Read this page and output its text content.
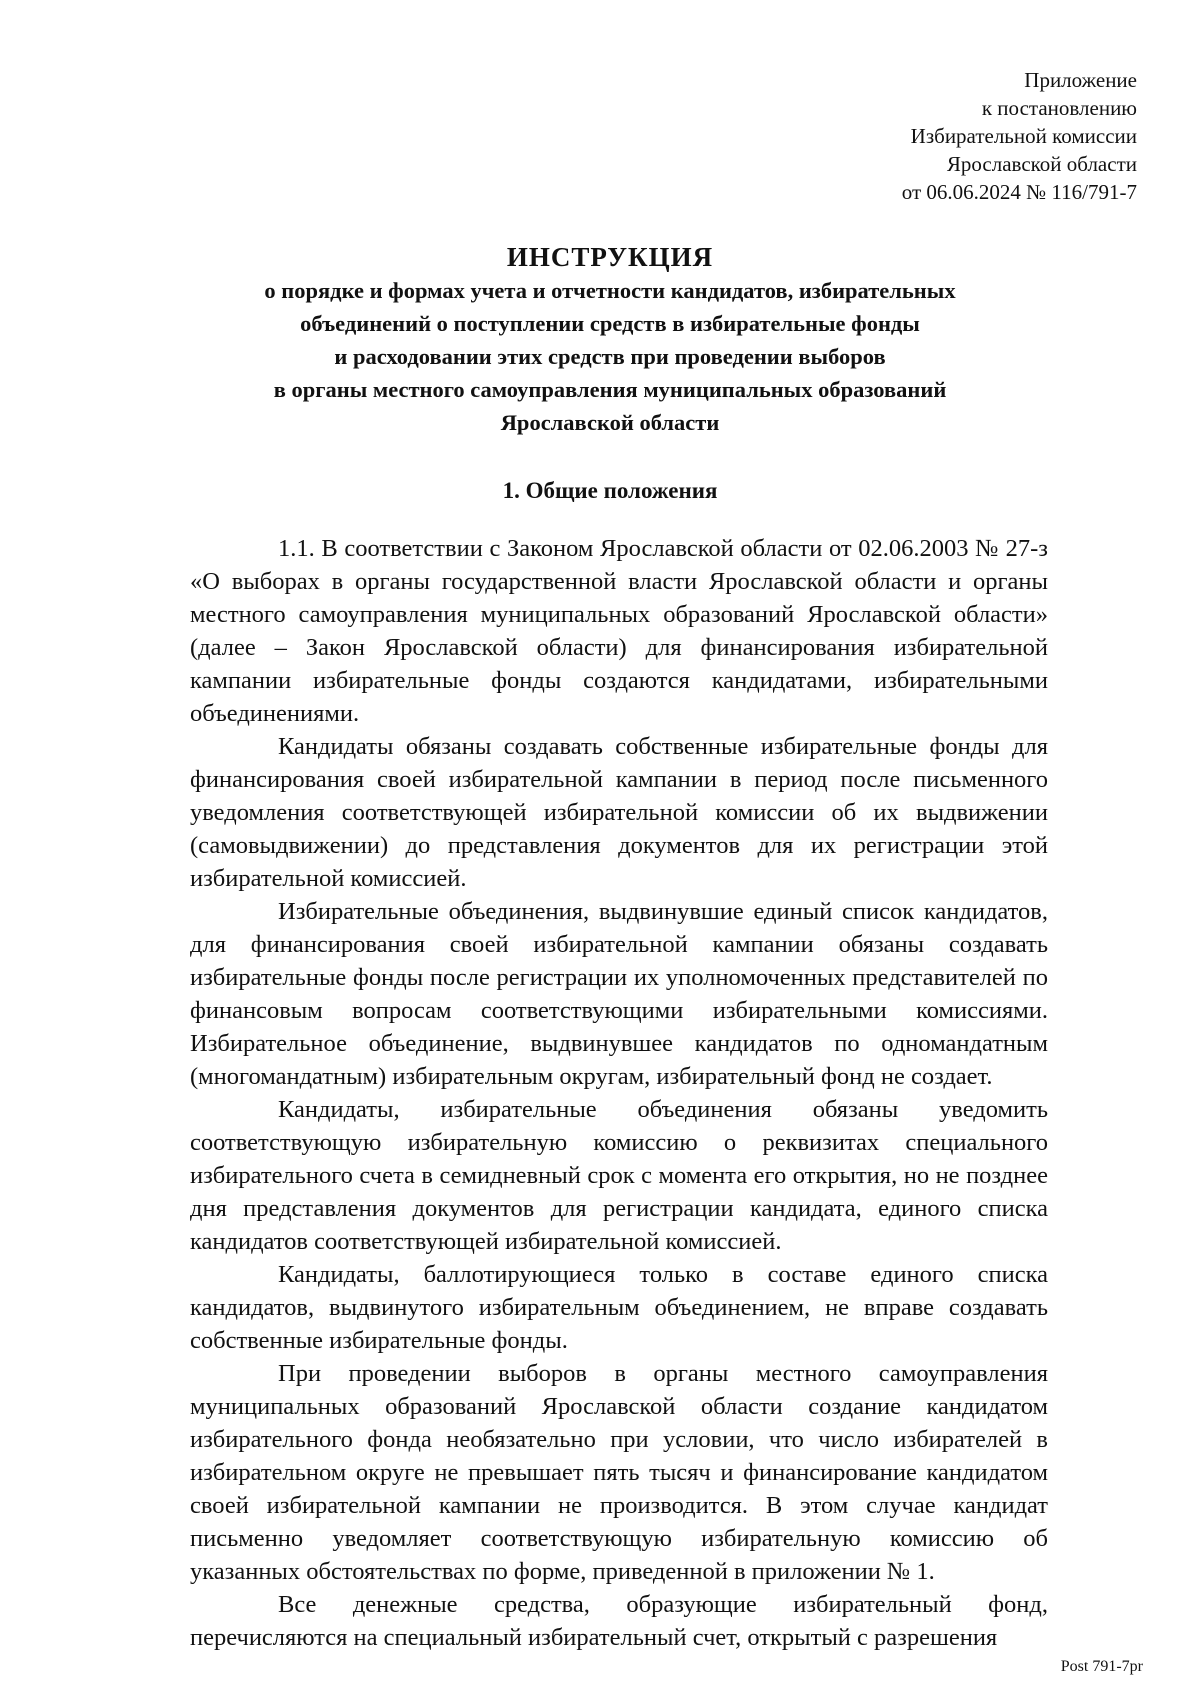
Приложение
к постановлению
Избирательной комиссии
Ярославской области
от 06.06.2024 № 116/791-7
ИНСТРУКЦИЯ
о порядке и формах учета и отчетности кандидатов, избирательных
объединений о поступлении средств в избирательные фонды
и расходовании этих средств при проведении выборов
в органы местного самоуправления муниципальных образований
Ярославской области
1. Общие положения

1.1. В соответствии с Законом Ярославской области от 02.06.2003 № 27-з «О выборах в органы государственной власти Ярославской области и органы местного самоуправления муниципальных образований Ярославской области» (далее – Закон Ярославской области) для финансирования избирательной кампании избирательные фонды создаются кандидатами, избирательными объединениями.

Кандидаты обязаны создавать собственные избирательные фонды для финансирования своей избирательной кампании в период после письменного уведомления соответствующей избирательной комиссии об их выдвижении (самовыдвижении) до представления документов для их регистрации этой избирательной комиссией.

Избирательные объединения, выдвинувшие единый список кандидатов, для финансирования своей избирательной кампании обязаны создавать избирательные фонды после регистрации их уполномоченных представителей по финансовым вопросам соответствующими избирательными комиссиями. Избирательное объединение, выдвинувшее кандидатов по одномандатным (многомандатным) избирательным округам, избирательный фонд не создает.

Кандидаты, избирательные объединения обязаны уведомить соответствующую избирательную комиссию о реквизитах специального избирательного счета в семидневный срок с момента его открытия, но не позднее дня представления документов для регистрации кандидата, единого списка кандидатов соответствующей избирательной комиссией.

Кандидаты, баллотирующиеся только в составе единого списка кандидатов, выдвинутого избирательным объединением, не вправе создавать собственные избирательные фонды.

При проведении выборов в органы местного самоуправления муниципальных образований Ярославской области создание кандидатом избирательного фонда необязательно при условии, что число избирателей в избирательном округе не превышает пять тысяч и финансирование кандидатом своей избирательной кампании не производится. В этом случае кандидат письменно уведомляет соответствующую избирательную комиссию об указанных обстоятельствах по форме, приведенной в приложении № 1.

Все денежные средства, образующие избирательный фонд, перечисляются на специальный избирательный счет, открытый с разрешения

Post 791-7pr
